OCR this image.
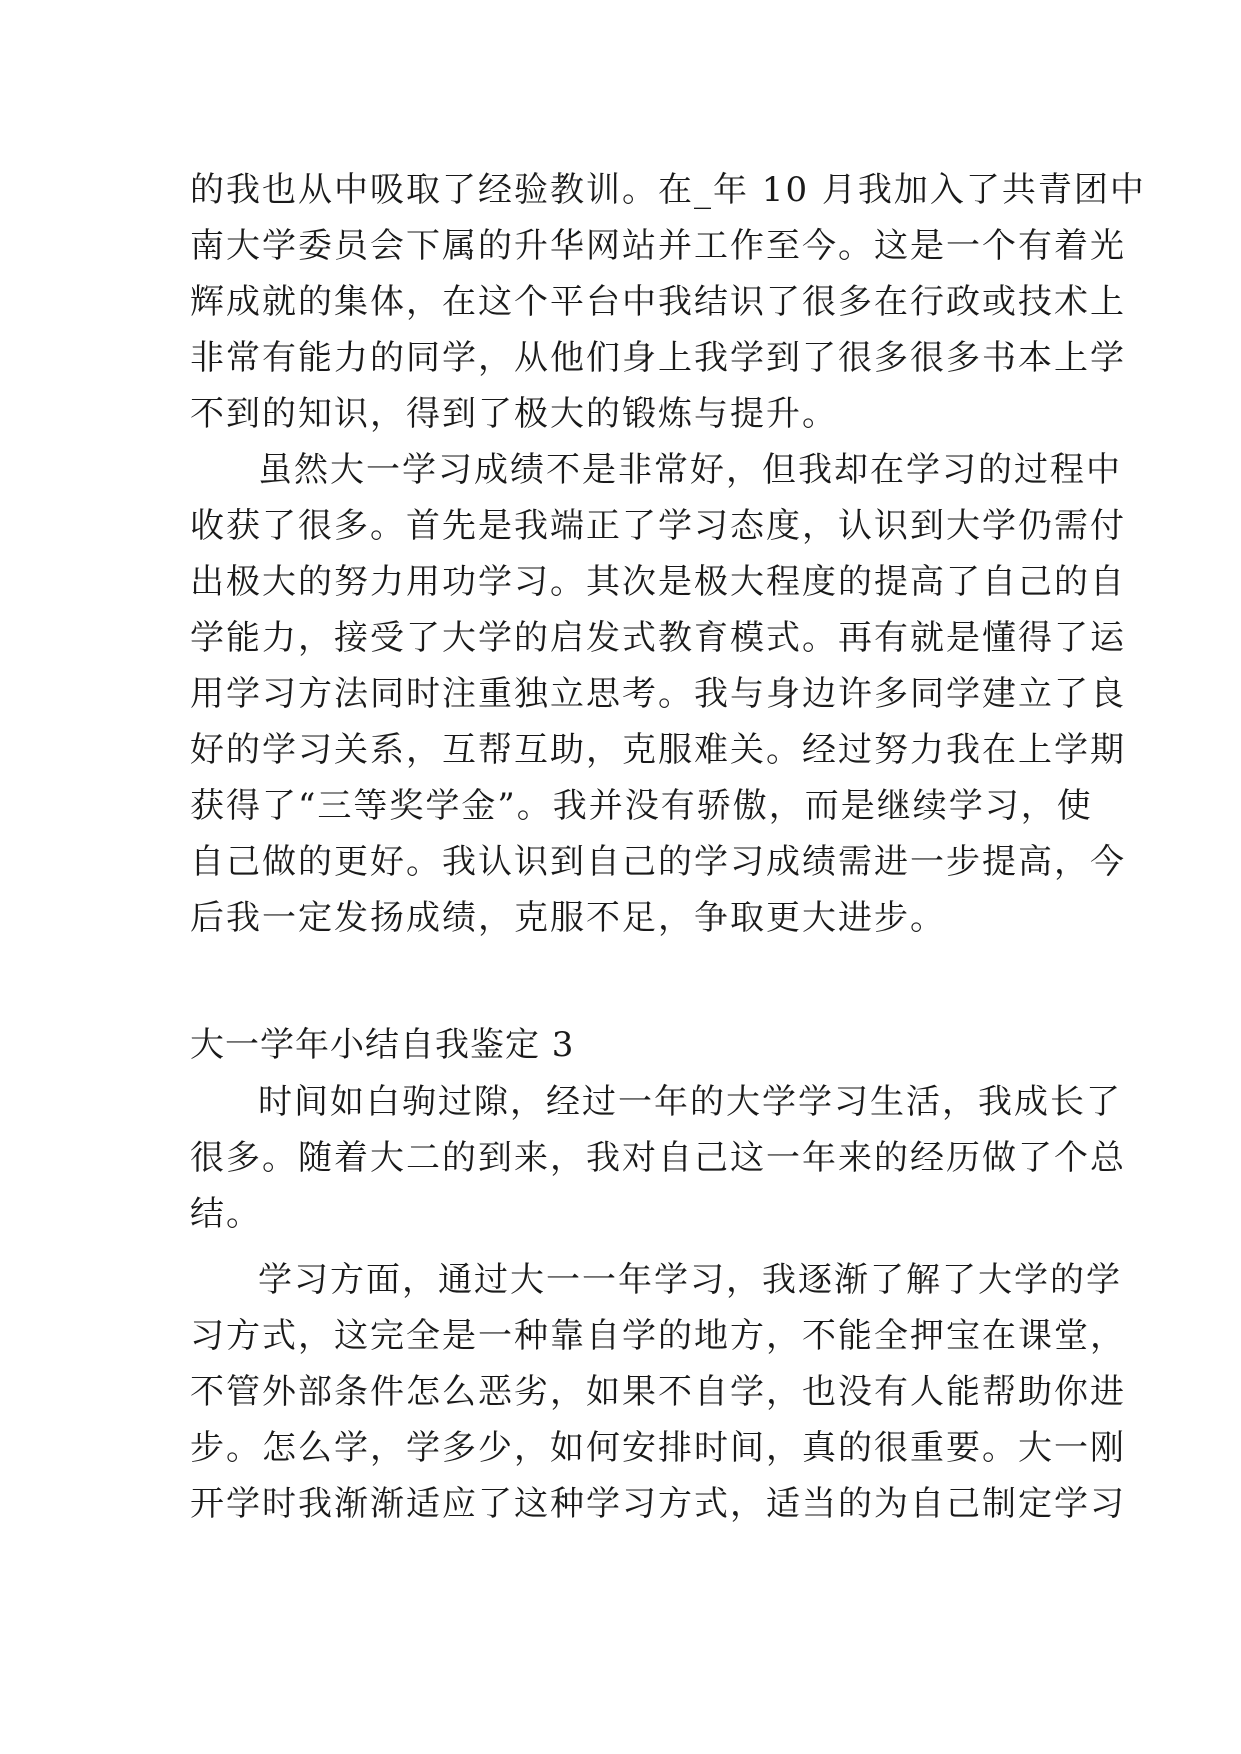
的我也从中吸取了经验教训。在_年 10 月我加入了共青团中
南大学委员会下属的升华网站并工作至今。这是一个有着光
辉成就的集体，在这个平台中我结识了很多在行政或技术上
非常有能力的同学，从他们身上我学到了很多很多书本上学
不到的知识，得到了极大的锻炼与提升。
虽然大一学习成绩不是非常好，但我却在学习的过程中
收获了很多。首先是我端正了学习态度，认识到大学仍需付
出极大的努力用功学习。其次是极大程度的提高了自己的自
学能力，接受了大学的启发式教育模式。再有就是懂得了运
用学习方法同时注重独立思考。我与身边许多同学建立了良
好的学习关系，互帮互助，克服难关。经过努力我在上学期
获得了“三等奖学金”。我并没有骄傲，而是继续学习，使
自己做的更好。我认识到自己的学习成绩需进一步提高，今
后我一定发扬成绩，克服不足，争取更大进步。
大一学年小结自我鉴定 3
时间如白驹过隙，经过一年的大学学习生活，我成长了
很多。随着大二的到来，我对自己这一年来的经历做了个总
结。
学习方面，通过大一一年学习，我逐渐了解了大学的学
习方式，这完全是一种靠自学的地方，不能全押宝在课堂，
不管外部条件怎么恶劣，如果不自学，也没有人能帮助你进
步。怎么学，学多少，如何安排时间，真的很重要。大一刚
开学时我渐渐适应了这种学习方式，适当的为自己制定学习
